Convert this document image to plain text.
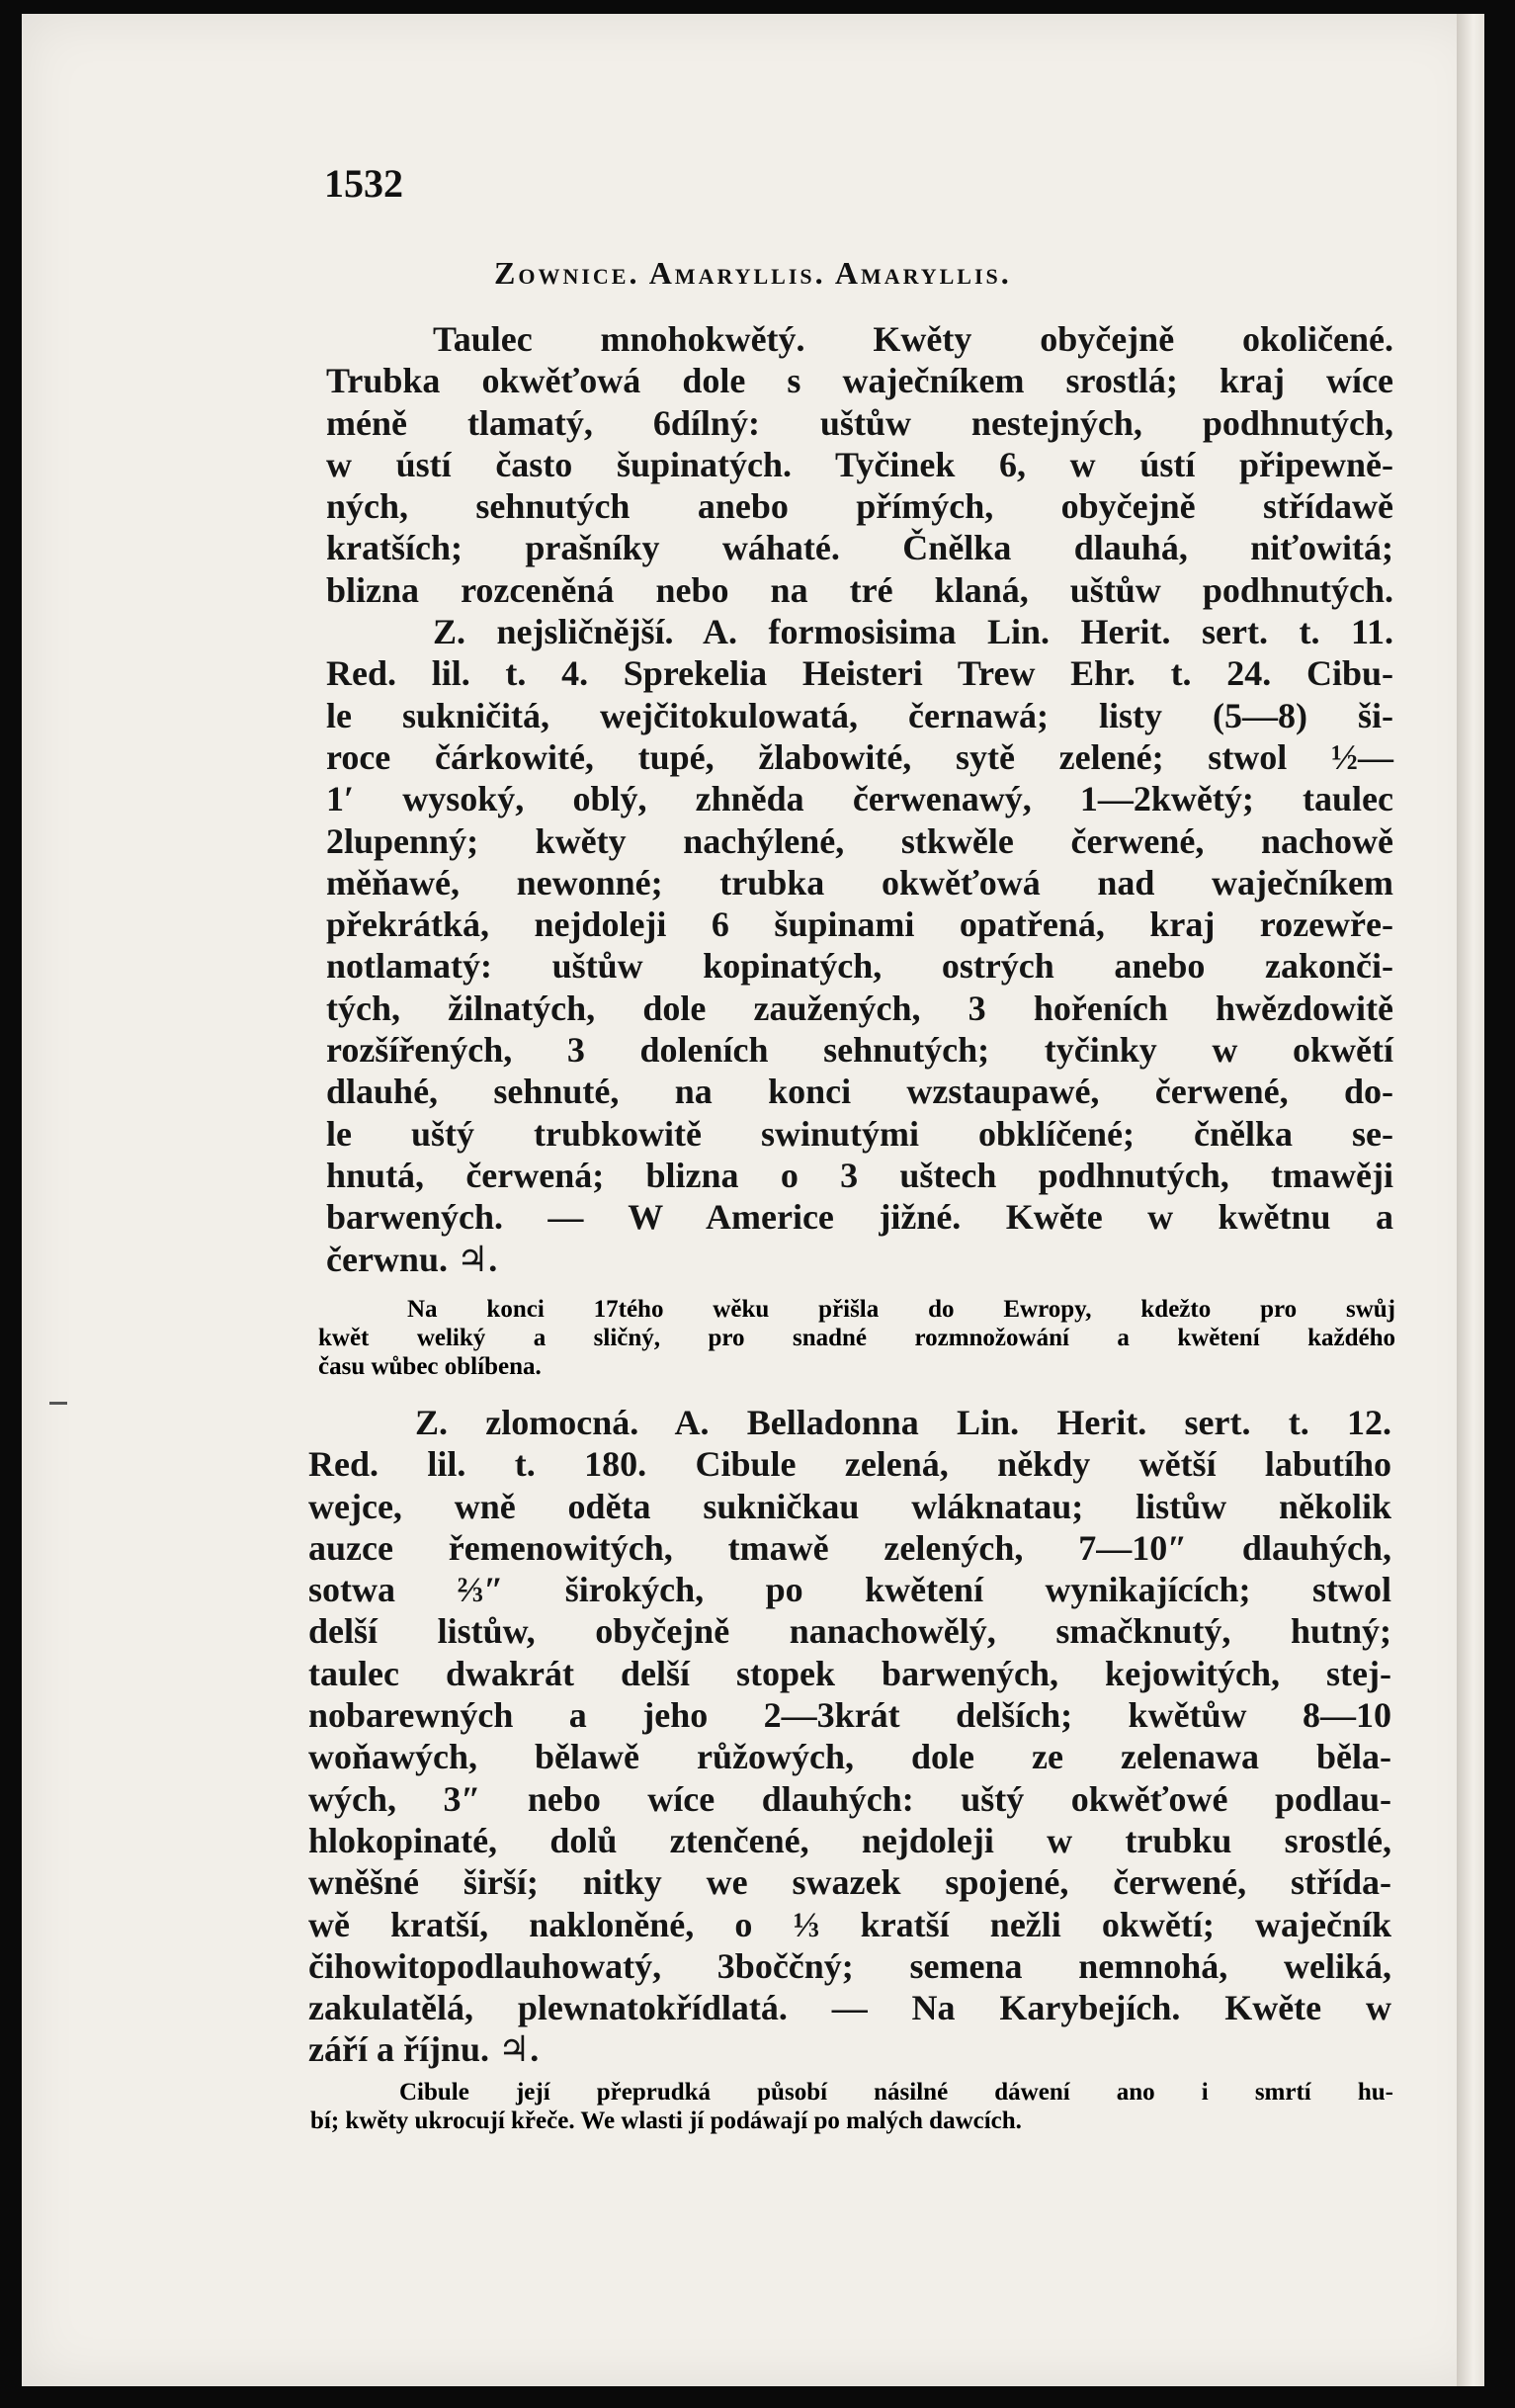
1532
Zownice. Amaryllis. Amaryllis.
Taulec mnohokwětý. Kwěty obyčejně okoličené.
Trubka okwěťowá dole s waječníkem srostlá; kraj wíce
méně tlamatý, 6dílný: uštůw nestejných, podhnutých,
w ústí často šupinatých. Tyčinek 6, w ústí připewně-
ných, sehnutých anebo přímých, obyčejně střídawě
kratších; prašníky wáhaté. Čnělka dlauhá, niťowitá;
blizna rozceněná nebo na tré klaná, uštůw podhnutých.
Z. nejsličnější. A. formosisima Lin. Herit. sert. t. 11.
Red. lil. t. 4. Sprekelia Heisteri Trew Ehr. t. 24. Cibu-
le sukničitá, wejčitokulowatá, černawá; listy (5—8) ši-
roce čárkowité, tupé, žlabowité, sytě zelené; stwol ½—
1′ wysoký, oblý, zhnědа čerwenawý, 1—2kwětý; taulec
2lupenný; kwěty nachýlené, stkwěle čerwené, nachowě
měňawé, newonné; trubka okwěťowá nad waječníkem
překrátká, nejdoleji 6 šupinami opatřená, kraj rozewře-
notlamatý: uštůw kopinatých, ostrých anebo zakonči-
tých, žilnatých, dole zaužených, 3 hořeních hwězdowitě
rozšířených, 3 doleních sehnutých; tyčinky w okwětí
dlauhé, sehnuté, na konci wzstaupawé, čerwené, do-
le uštý trubkowitě swinutými obklíčené; čnělka se-
hnutá, čerwená; blizna o 3 uštech podhnutých, tmawěji
barwených. — W Americe jižné. Kwěte w kwětnu a
čerwnu. ♃.
Na konci 17tého wěku přišla do Ewropy, kdežto pro swůj
kwět weliký a sličný, pro snadné rozmnožowání a kwětení každého
času wůbec oblíbena.
Z. zlomocná. A. Belladonna Lin. Herit. sert. t. 12.
Red. lil. t. 180. Cibule zelená, někdy wětší labutího
wejce, wně oděta sukničkau wláknatau; listůw několik
auzce řemenowitých, tmawě zelených, 7—10″ dlauhých,
sotwa ⅔″ širokých, po kwětení wynikajících; stwol
delší listůw, obyčejně nanachowělý, smačknutý, hutný;
taulec dwakrát delší stopek barwených, kejowitých, stej-
nobarewných a jeho 2—3krát delších; kwětůw 8—10
woňawých, bělawě růžowých, dole ze zelenawa běla-
wých, 3″ nebo wíce dlauhých: uštý okwěťowé podlau-
hlokopinaté, dolů ztenčené, nejdoleji w trubku srostlé,
wněšné širší; nitky we swazek spojené, čerwené, střída-
wě kratší, nakloněné, o ⅓ kratší nežli okwětí; waječník
čihowitopodlauhowatý, 3boččný; semena nemnohá, weliká,
zakulatělá, plewnatokřídlatá. — Na Karybejích. Kwěte w
září a říjnu. ♃.
Cibule její přeprudká působí násilné dáwení ano i smrtí hu-
bí; kwěty ukrocují křeče. We wlasti jí podáwají po malých dawcích.
